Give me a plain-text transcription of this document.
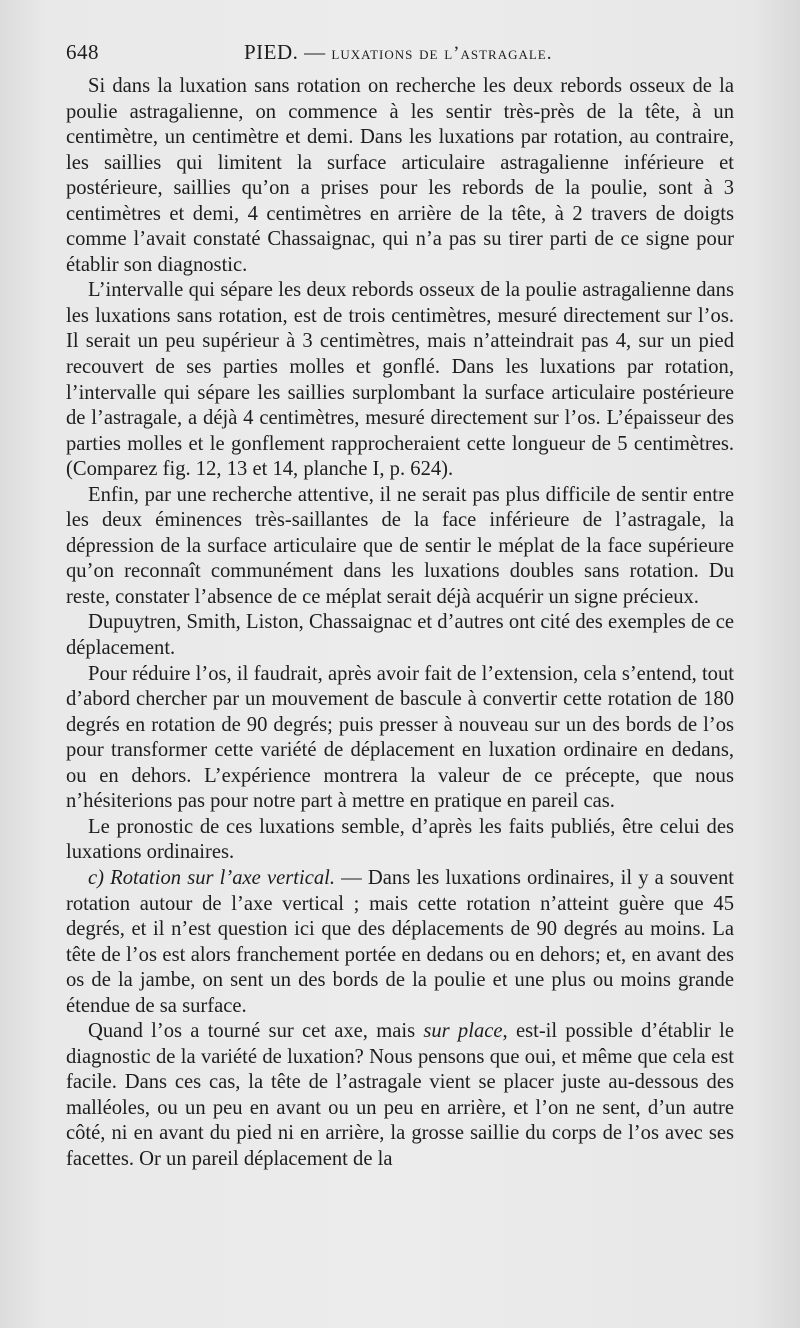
648	PIED. — luxations de l’astragale.

Si dans la luxation sans rotation on recherche les deux rebords osseux de la poulie astragalienne, on commence à les sentir très-près de la tête, à un centimètre, un centimètre et demi. Dans les luxations par rotation, au contraire, les saillies qui limitent la surface articulaire astragalienne inférieure et postérieure, saillies qu’on a prises pour les rebords de la poulie, sont à 3 centimètres et demi, 4 centimètres en arrière de la tête, à 2 travers de doigts comme l’avait constaté Chassaignac, qui n’a pas su tirer parti de ce signe pour établir son diagnostic.

L’intervalle qui sépare les deux rebords osseux de la poulie astragalienne dans les luxations sans rotation, est de trois centimètres, mesuré directement sur l’os. Il serait un peu supérieur à 3 centimètres, mais n’atteindrait pas 4, sur un pied recouvert de ses parties molles et gonflé. Dans les luxations par rotation, l’intervalle qui sépare les saillies surplombant la surface articulaire postérieure de l’astragale, a déjà 4 centimètres, mesuré directement sur l’os. L’épaisseur des parties molles et le gonflement rapprocheraient cette longueur de 5 centimètres. (Comparez fig. 12, 13 et 14, planche I, p. 624).

Enfin, par une recherche attentive, il ne serait pas plus difficile de sentir entre les deux éminences très-saillantes de la face inférieure de l’astragale, la dépression de la surface articulaire que de sentir le méplat de la face supérieure qu’on reconnaît communément dans les luxations doubles sans rotation. Du reste, constater l’absence de ce méplat serait déjà acquérir un signe précieux.

Dupuytren, Smith, Liston, Chassaignac et d’autres ont cité des exemples de ce déplacement.

Pour réduire l’os, il faudrait, après avoir fait de l’extension, cela s’entend, tout d’abord chercher par un mouvement de bascule à convertir cette rotation de 180 degrés en rotation de 90 degrés; puis presser à nouveau sur un des bords de l’os pour transformer cette variété de déplacement en luxation ordinaire en dedans, ou en dehors. L’expérience montrera la valeur de ce précepte, que nous n’hésiterions pas pour notre part à mettre en pratique en pareil cas.

Le pronostic de ces luxations semble, d’après les faits publiés, être celui des luxations ordinaires.

c) Rotation sur l’axe vertical. — Dans les luxations ordinaires, il y a souvent rotation autour de l’axe vertical ; mais cette rotation n’atteint guère que 45 degrés, et il n’est question ici que des déplacements de 90 degrés au moins. La tête de l’os est alors franchement portée en dedans ou en dehors; et, en avant des os de la jambe, on sent un des bords de la poulie et une plus ou moins grande étendue de sa surface.

Quand l’os a tourné sur cet axe, mais sur place, est-il possible d’établir le diagnostic de la variété de luxation? Nous pensons que oui, et même que cela est facile. Dans ces cas, la tête de l’astragale vient se placer juste au-dessous des malléoles, ou un peu en avant ou un peu en arrière, et l’on ne sent, d’un autre côté, ni en avant du pied ni en arrière, la grosse saillie du corps de l’os avec ses facettes. Or un pareil déplacement de la
